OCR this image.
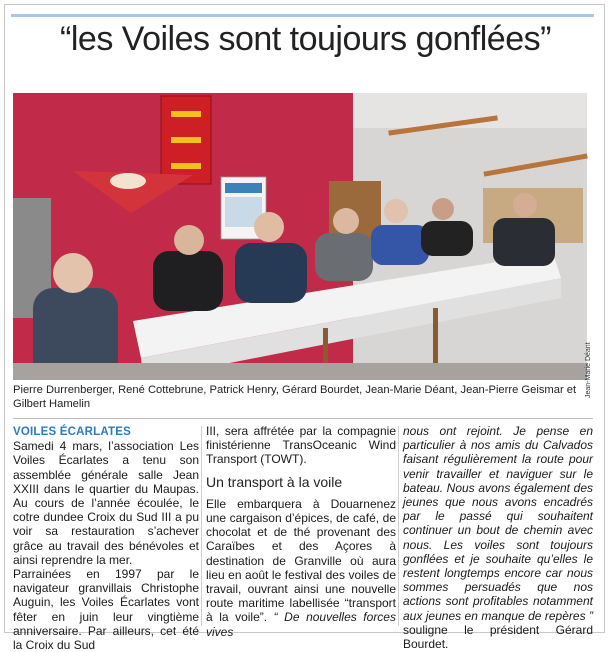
“les Voiles sont toujours gonflées”
Jean-Marie Déant
Pierre Durrenberger, René Cottebrune, Patrick Henry, Gérard Bourdet, Jean-Marie Déant, Jean-Pierre Geismar et Gilbert Hamelin

VOILES ÉCARLATES

Samedi 4 mars, l’association Les Voiles Écarlates a tenu son assemblée générale salle Jean XXIII dans le quartier du Maupas. Au cours de l’année écoulée, le cotre dundee Croix du Sud III a pu voir sa restauration s’achever grâce au travail des bénévoles et ainsi reprendre la mer.

Parrainées en 1997 par le navigateur granvillais Christophe Auguin, les Voiles Écarlates vont fêter en juin leur vingtième anniversaire. Par ailleurs, cet été la Croix du Sud

III, sera affrétée par la compagnie finistérienne TransOceanic Wind Transport (TOWT).

Un transport à la voile

Elle embarquera à Douarnenez une cargaison d’épices, de café, de chocolat et de thé provenant des Caraïbes et des Açores à destination de Granville où aura lieu en août le festival des voiles de travail, ouvrant ainsi une nouvelle route maritime labellisée “transport à la voile”. “ De nouvelles forces vives

nous ont rejoint. Je pense en particulier à nos amis du Calvados faisant régulièrement la route pour venir travailler et naviguer sur le bateau. Nous avons également des jeunes que nous avons encadrés par le passé qui souhaitent continuer un bout de chemin avec nous. Les voiles sont toujours gonflées et je souhaite qu’elles le restent longtemps encore car nous sommes persuadés que nos actions sont profitables notamment aux jeunes en manque de repères ” souligne le président Gérard Bourdet.
